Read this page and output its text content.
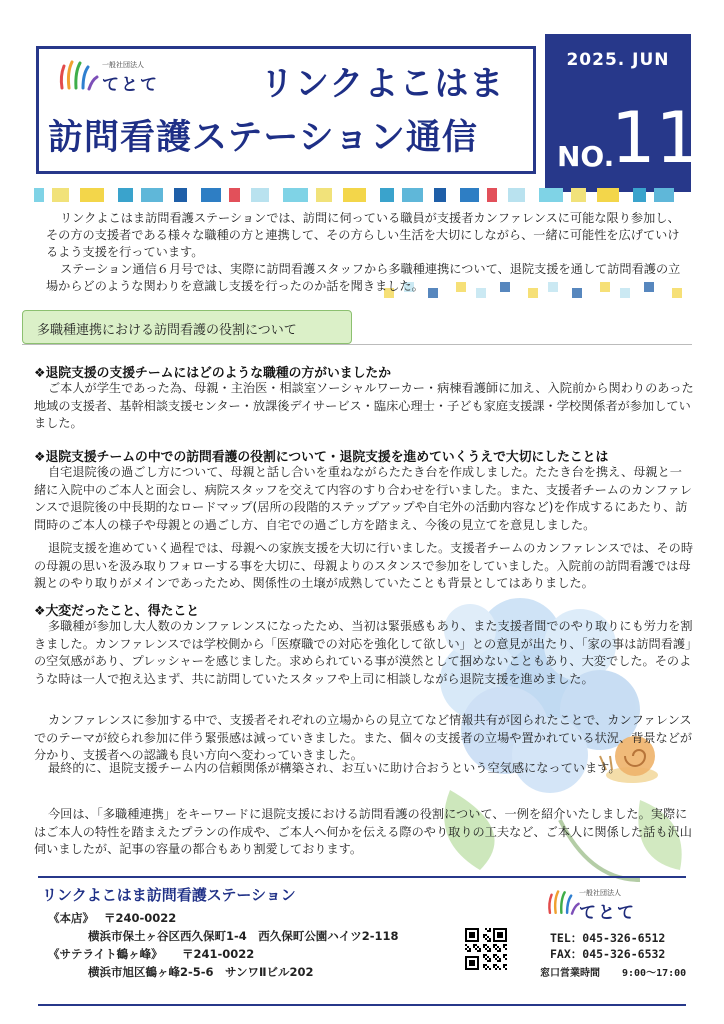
一般社団法人
てとて	リンクよこはま
訪問看護ステーション通信
2025. JUN
NO.
11
リンクよこはま訪問看護ステーションでは、訪問に伺っている職員が支援者カンファレンスに可能な限り参加し、その方の支援者である様々な職種の方と連携して、その方らしい生活を大切にしながら、一緒に可能性を広げていけるよう支援を行っています。
ステーション通信６月号では、実際に訪問看護スタッフから多職種連携について、退院支援を通して訪問看護の立場からどのような関わりを意識し支援を行ったのか話を聞きました。
多職種連携における訪問看護の役割について
❖退院支援の支援チームにはどのような職種の方がいましたか
ご本人が学生であった為、母親・主治医・相談室ソーシャルワーカー・病棟看護師に加え、入院前から関わりのあった地域の支援者、基幹相談支援センター・放課後デイサービス・臨床心理士・子ども家庭支援課・学校関係者が参加していました。
❖退院支援チームの中での訪問看護の役割について・退院支援を進めていくうえで大切にしたことは
自宅退院後の過ごし方について、母親と話し合いを重ねながらたたき台を作成しました。たたき台を携え、母親と一緒に入院中のご本人と面会し、病院スタッフを交えて内容のすり合わせを行いました。また、支援者チームのカンファレンスで退院後の中長期的なロードマップ(居所の段階的ステップアップや自宅外の活動内容など)を作成するにあたり、訪問時のご本人の様子や母親との過ごし方、自宅での過ごし方を踏まえ、今後の見立てを意見しました。
退院支援を進めていく過程では、母親への家族支援を大切に行いました。支援者チームのカンファレンスでは、その時の母親の思いを汲み取りフォローする事を大切に、母親よりのスタンスで参加をしていました。入院前の訪問看護では母親とのやり取りがメインであったため、関係性の土壌が成熟していたことも背景としてはありました。
❖大変だったこと、得たこと
多職種が参加し大人数のカンファレンスになったため、当初は緊張感もあり、また支援者間でのやり取りにも労力を割きました。カンファレンスでは学校側から「医療職での対応を強化して欲しい」との意見が出たり、「家の事は訪問看護」の空気感があり、プレッシャーを感じました。求められている事が漠然として掴めないこともあり、大変でした。そのような時は一人で抱え込まず、共に訪問していたスタッフや上司に相談しながら退院支援を進めました。
カンファレンスに参加する中で、支援者それぞれの立場からの見立てなど情報共有が図られたことで、カンファレンスでのテーマが絞られ参加に伴う緊張感は減っていきました。また、個々の支援者の立場や置かれている状況、背景などが分かり、支援者への認識も良い方向へ変わっていきました。
最終的に、退院支援チーム内の信頼関係が構築され、お互いに助け合おうという空気感になっています。
今回は、「多職種連携」をキーワードに退院支援における訪問看護の役割について、一例を紹介いたしました。実際にはご本人の特性を踏まえたプランの作成や、ご本人へ何かを伝える際のやり取りの工夫など、ご本人に関係した話も沢山伺いましたが、記事の容量の都合もあり割愛しております。
リンクよこはま訪問看護ステーション
《本店》 〒240-0022
横浜市保土ヶ谷区西久保町1-4　西久保町公園ハイツ2-118
《サテライト鶴ヶ峰》 〒241-0022
横浜市旭区鶴ヶ峰2-5-6　サンワⅡビル202
一般社団法人
てとて
TEL：045-326-6512
FAX：045-326-6532
窓口営業時間 9:00～17:00
